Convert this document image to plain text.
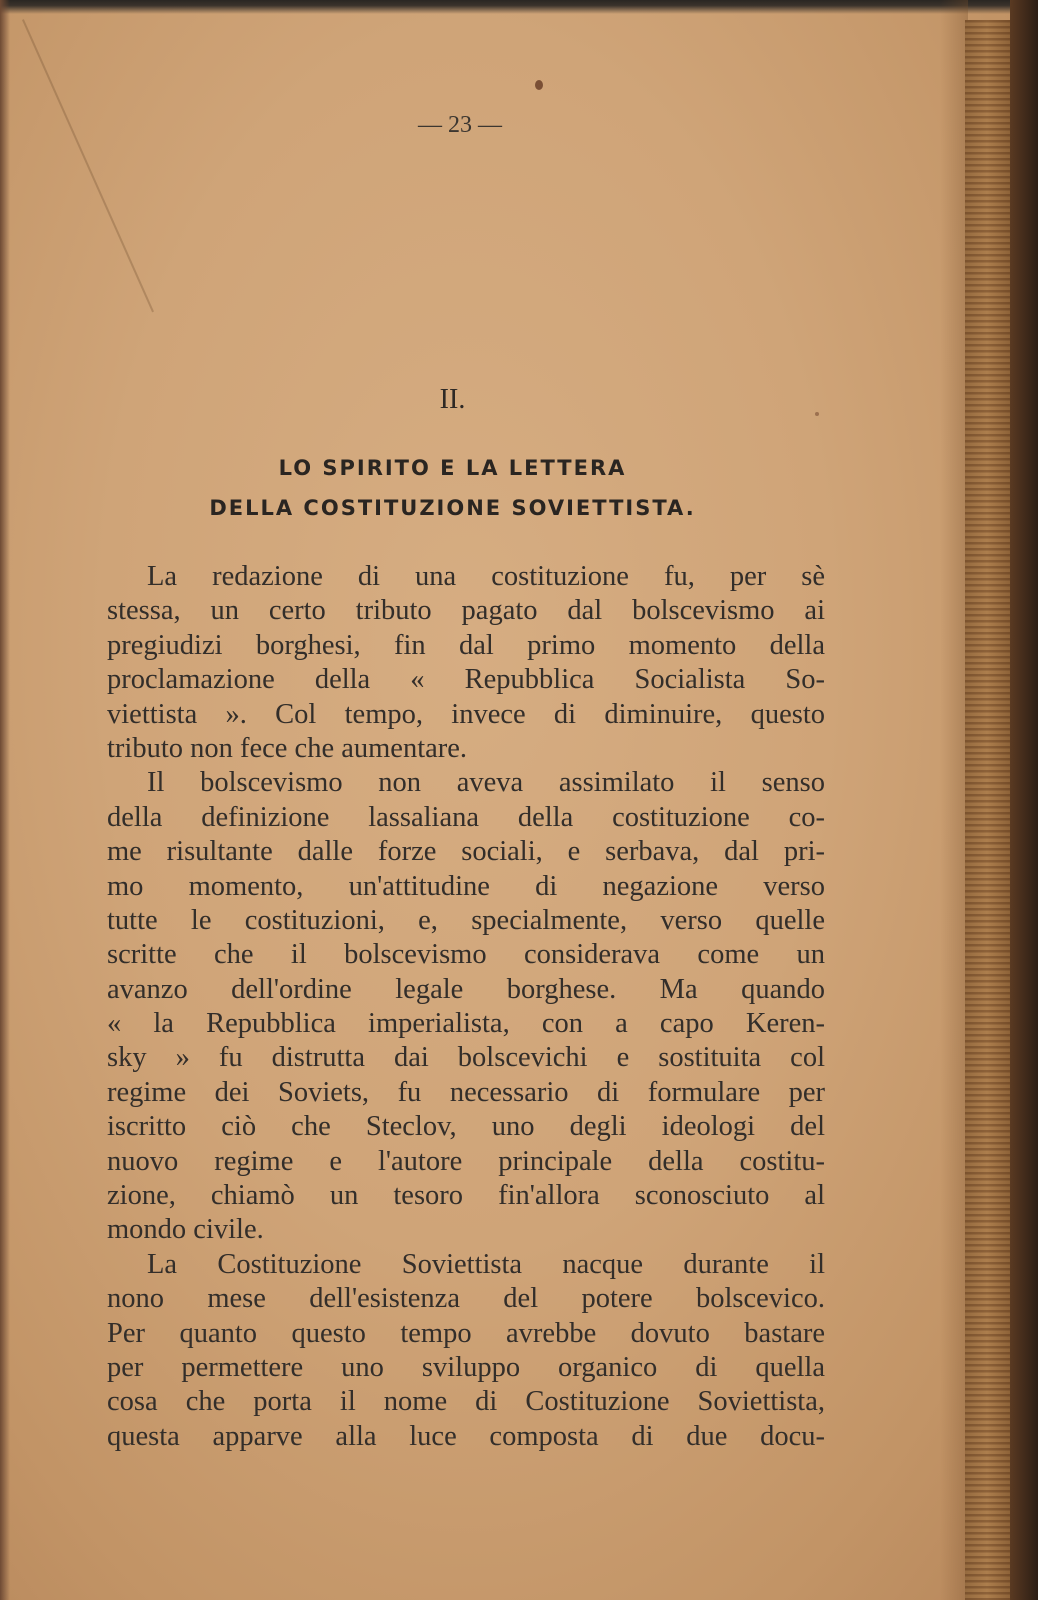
— 23 —
II.
LO SPIRITO E LA LETTERA
DELLA COSTITUZIONE SOVIETTISTA.
La redazione di una costituzione fu, per sè
stessa, un certo tributo pagato dal bolscevismo ai
pregiudizi borghesi, fin dal primo momento della
proclamazione della « Repubblica Socialista So-
viettista ». Col tempo, invece di diminuire, questo
tributo non fece che aumentare.
Il bolscevismo non aveva assimilato il senso
della definizione lassaliana della costituzione co-
me risultante dalle forze sociali, e serbava, dal pri-
mo momento, un'attitudine di negazione verso
tutte le costituzioni, e, specialmente, verso quelle
scritte che il bolscevismo considerava come un
avanzo dell'ordine legale borghese. Ma quando
« la Repubblica imperialista, con a capo Keren-
sky » fu distrutta dai bolscevichi e sostituita col
regime dei Soviets, fu necessario di formulare per
iscritto ciò che Steclov, uno degli ideologi del
nuovo regime e l'autore principale della costitu-
zione, chiamò un tesoro fin'allora sconosciuto al
mondo civile.
La Costituzione Soviettista nacque durante il
nono mese dell'esistenza del potere bolscevico.
Per quanto questo tempo avrebbe dovuto bastare
per permettere uno sviluppo organico di quella
cosa che porta il nome di Costituzione Soviettista,
questa apparve alla luce composta di due docu-
